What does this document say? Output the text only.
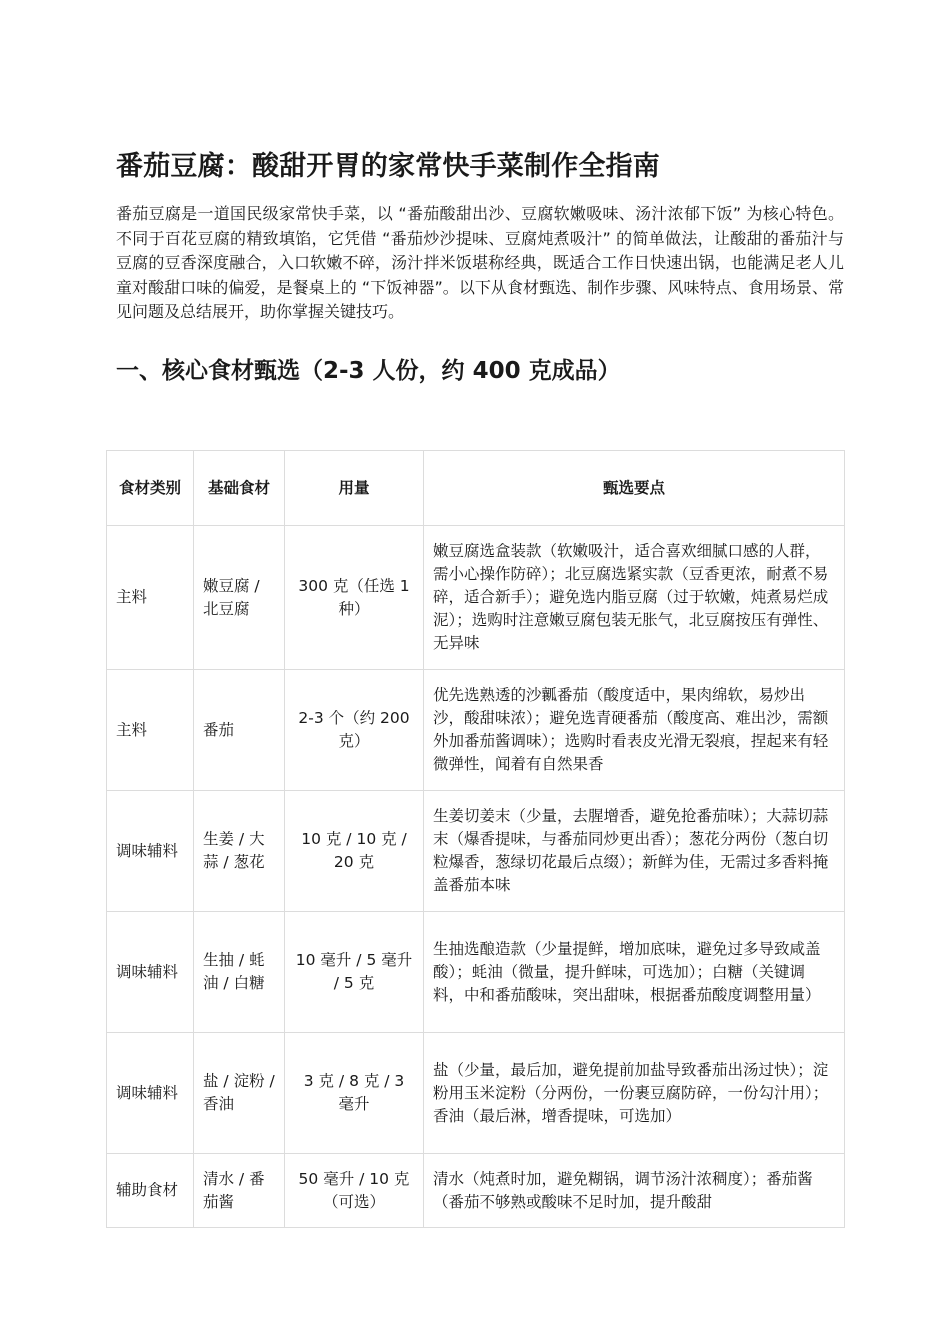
番茄豆腐：酸甜开胃的家常快手菜制作全指南

番茄豆腐是一道国民级家常快手菜，以 “番茄酸甜出沙、豆腐软嫩吸味、汤汁浓郁下饭” 为核心特色。不同于百花豆腐的精致填馅，它凭借 “番茄炒沙提味、豆腐炖煮吸汁” 的简单做法，让酸甜的番茄汁与豆腐的豆香深度融合，入口软嫩不碎，汤汁拌米饭堪称经典，既适合工作日快速出锅，也能满足老人儿童对酸甜口味的偏爱，是餐桌上的 “下饭神器”。以下从食材甄选、制作步骤、风味特点、食用场景、常见问题及总结展开，助你掌握关键技巧。

一、核心食材甄选（2-3 人份，约 400 克成品）
食材类别	基础食材	用量	甄选要点
主料	嫩豆腐 / 北豆腐	300 克（任选 1 种）	嫩豆腐选盒装款（软嫩吸汁，适合喜欢细腻口感的人群，需小心操作防碎）；北豆腐选紧实款（豆香更浓，耐煮不易碎，适合新手）；避免选内脂豆腐（过于软嫩，炖煮易烂成泥）；选购时注意嫩豆腐包装无胀气，北豆腐按压有弹性、无异味
主料	番茄	2-3 个（约 200 克）	优先选熟透的沙瓤番茄（酸度适中，果肉绵软，易炒出沙，酸甜味浓）；避免选青硬番茄（酸度高、难出沙，需额外加番茄酱调味）；选购时看表皮光滑无裂痕，捏起来有轻微弹性，闻着有自然果香
调味辅料	生姜 / 大蒜 / 葱花	10 克 / 10 克 / 20 克	生姜切姜末（少量，去腥增香，避免抢番茄味）；大蒜切蒜末（爆香提味，与番茄同炒更出香）；葱花分两份（葱白切粒爆香，葱绿切花最后点缀）；新鲜为佳，无需过多香料掩盖番茄本味
调味辅料	生抽 / 蚝油 / 白糖	10 毫升 / 5 毫升 / 5 克	生抽选酿造款（少量提鲜，增加底味，避免过多导致咸盖酸）；蚝油（微量，提升鲜味，可选加）；白糖（关键调料，中和番茄酸味，突出甜味，根据番茄酸度调整用量）
调味辅料	盐 / 淀粉 / 香油	3 克 / 8 克 / 3 毫升	盐（少量，最后加，避免提前加盐导致番茄出汤过快）；淀粉用玉米淀粉（分两份，一份裹豆腐防碎，一份勾汁用）；香油（最后淋，增香提味，可选加）
辅助食材	清水 / 番茄酱	50 毫升 / 10 克（可选）	清水（炖煮时加，避免糊锅，调节汤汁浓稠度）；番茄酱（番茄不够熟或酸味不足时加，提升酸甜
